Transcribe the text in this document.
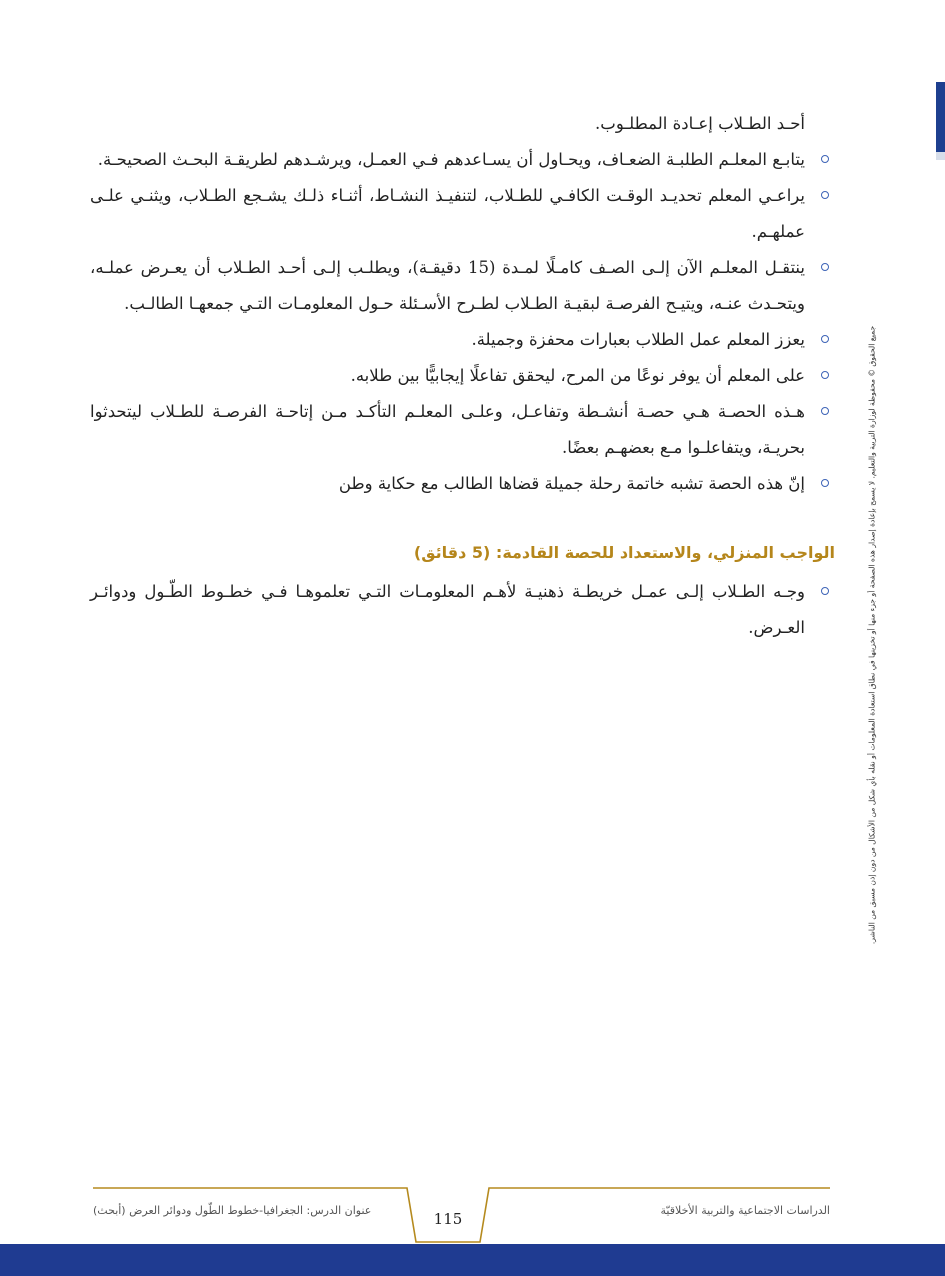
أحـد الطـلاب إعـادة المطلـوب.

يتابـع المعلـم الطلبـة الضعـاف، ويحـاول أن يسـاعدهم فـي العمـل، ويرشـدهم لطريقـة البحـث الصحيحـة.
يراعـي المعلم تحديـد الوقـت الكافـي للطـلاب، لتنفيـذ النشـاط، أثنـاء ذلـك يشـجع الطـلاب، ويثنـي علـى عملهـم.
ينتقـل المعلـم الآن إلـى الصـف كامـلًا لمـدة (15 دقيقـة)، ويطلـب إلـى أحـد الطـلاب أن يعـرض عملـه، ويتحـدث عنـه، ويتيـح الفرصـة لبقيـة الطـلاب لطـرح الأسـئلة حـول المعلومـات التـي جمعهـا الطالـب.
يعزز المعلم عمل الطلاب بعبارات محفزة وجميلة.
على المعلم أن يوفر نوعًا من المرح، ليحقق تفاعلًا إيجابيًّا بين طلابه.
هـذه الحصـة هـي حصـة أنشـطة وتفاعـل، وعلـى المعلـم التأكـد مـن إتاحـة الفرصـة للطـلاب ليتحدثوا بحريـة، ويتفاعلـوا مـع بعضهـم بعضًا.
إنّ هذه الحصة تشبه خاتمة رحلة جميلة قضاها الطالب مع حكاية وطن
الواجب المنزلي، والاستعداد للحصة القادمة: (5 دقائق)
وجـه الطـلاب إلـى عمـل خريطـة ذهنيـة لأهـم المعلومـات التـي تعلموهـا فـي خطـوط الطّـول ودوائـر العـرض.	جميع الحقوق © محفوظة لوزارة التربية والتعليم. لا يسمح بإعادة إصدار هذه الصفحة أو جزء منها أو تخزينها في نطاق استعادة المعلومات أو نقله بأي شكل من الأشكال من دون إذن مسبق من الناشر.
الدراسات الاجتماعية والتربية الأخلاقيّة
115
عنوان الدرس: الجغرافيا-خطوط الطّول ودوائر العرض (أبحث)
